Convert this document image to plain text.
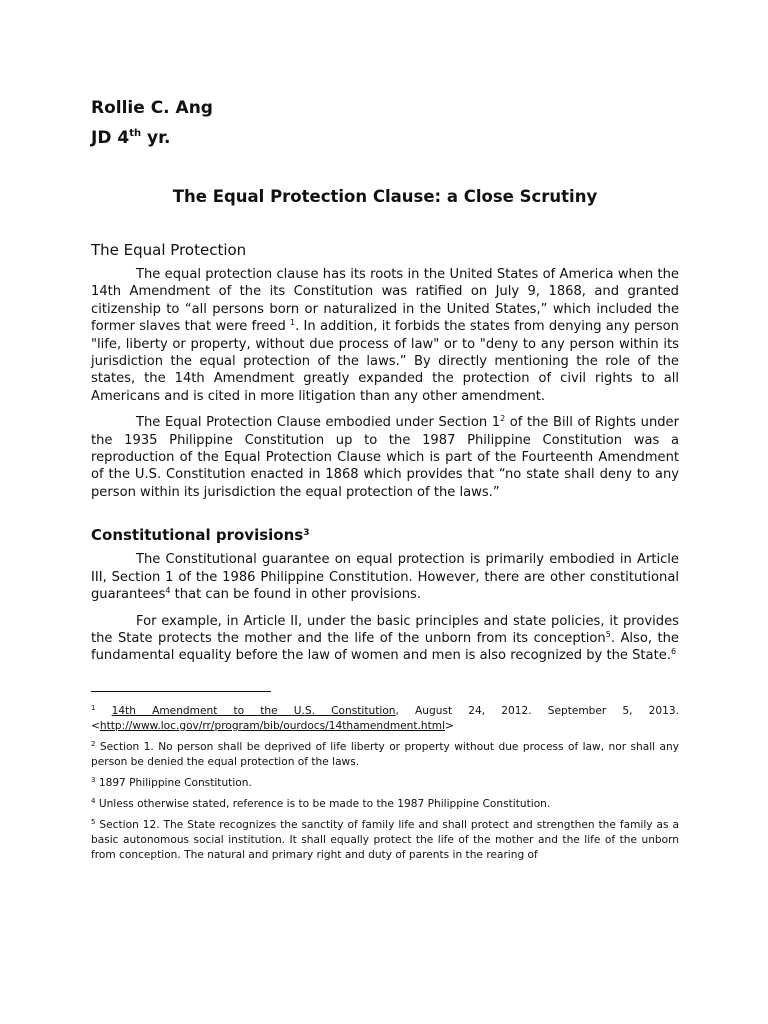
Rollie C. Ang

JD 4th yr.

The Equal Protection Clause: a Close Scrutiny
The Equal Protection

The equal protection clause has its roots in the United States of America when the 14th Amendment of the its Constitution was ratified on July 9, 1868, and granted citizenship to “all persons born or naturalized in the United States,” which included the former slaves that were freed $^1$. In addition, it forbids the states from denying any person "life, liberty or property, without due process of law" or to "deny to any person within its jurisdiction the equal protection of the laws.” By directly mentioning the role of the states, the 14th Amendment greatly expanded the protection of civil rights to all Americans and is cited in more litigation than any other amendment.

The Equal Protection Clause embodied under Section $1^2$ of the Bill of Rights under the 1935 Philippine Constitution up to the 1987 Philippine Constitution was a reproduction of the Equal Protection Clause which is part of the Fourteenth Amendment of the U.S. Constitution enacted in 1868 which provides that “no state shall deny to any person within its jurisdiction the equal protection of the laws.”

Constitutional provisions$^3$

The Constitutional guarantee on equal protection is primarily embodied in Article III, Section 1 of the 1986 Philippine Constitution. However, there are other constitutional guarantees$^4$ that can be found in other provisions.

For example, in Article II, under the basic principles and state policies, it provides the State protects the mother and the life of the unborn from its conception$^5$. Also, the fundamental equality before the law of women and men is also recognized by the State.$^6$

$^1$ 14th Amendment to the U.S. Constitution, August 24, 2012. September 5, 2013. <http://www.loc.gov/rr/program/bib/ourdocs/14thamendment.html>

$^2$ Section 1. No person shall be deprived of life liberty or property without due process of law, nor shall any person be denied the equal protection of the laws.

$^3$ 1897 Philippine Constitution.

$^4$ Unless otherwise stated, reference is to be made to the 1987 Philippine Constitution.

$^5$ Section 12. The State recognizes the sanctity of family life and shall protect and strengthen the family as a basic autonomous social institution. It shall equally protect the life of the mother and the life of the unborn from conception. The natural and primary right and duty of parents in the rearing of
